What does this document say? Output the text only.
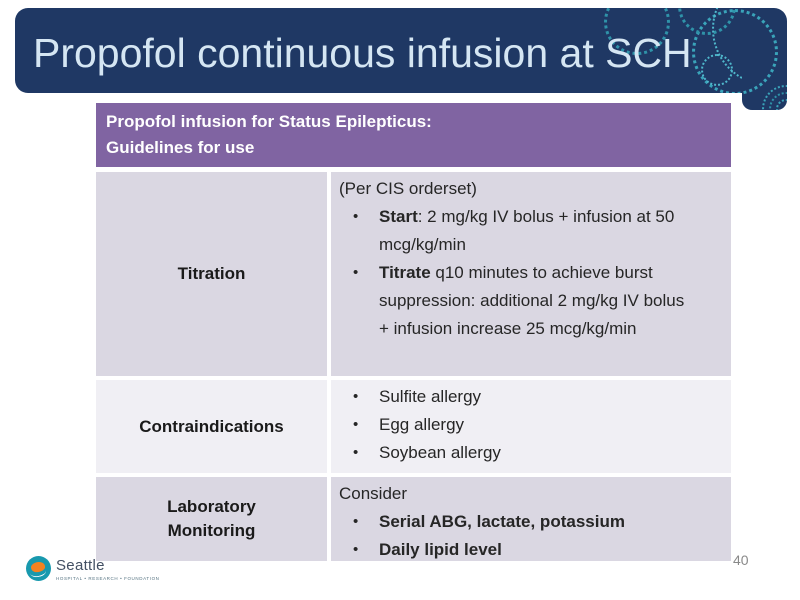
Propofol continuous infusion at SCH
Propofol infusion for Status Epilepticus:
Guidelines for use
Titration
(Per CIS orderset)
• Start: 2 mg/kg IV bolus + infusion at 50 mcg/kg/min
• Titrate q10 minutes to achieve burst suppression: additional 2 mg/kg IV bolus + infusion increase 25 mcg/kg/min
Contraindications
• Sulfite allergy
• Egg allergy
• Soybean allergy
Laboratory Monitoring
Consider
• Serial ABG, lactate, potassium
• Daily lipid level
Seattle
HOSPITAL • RESEARCH • FOUNDATION
40
